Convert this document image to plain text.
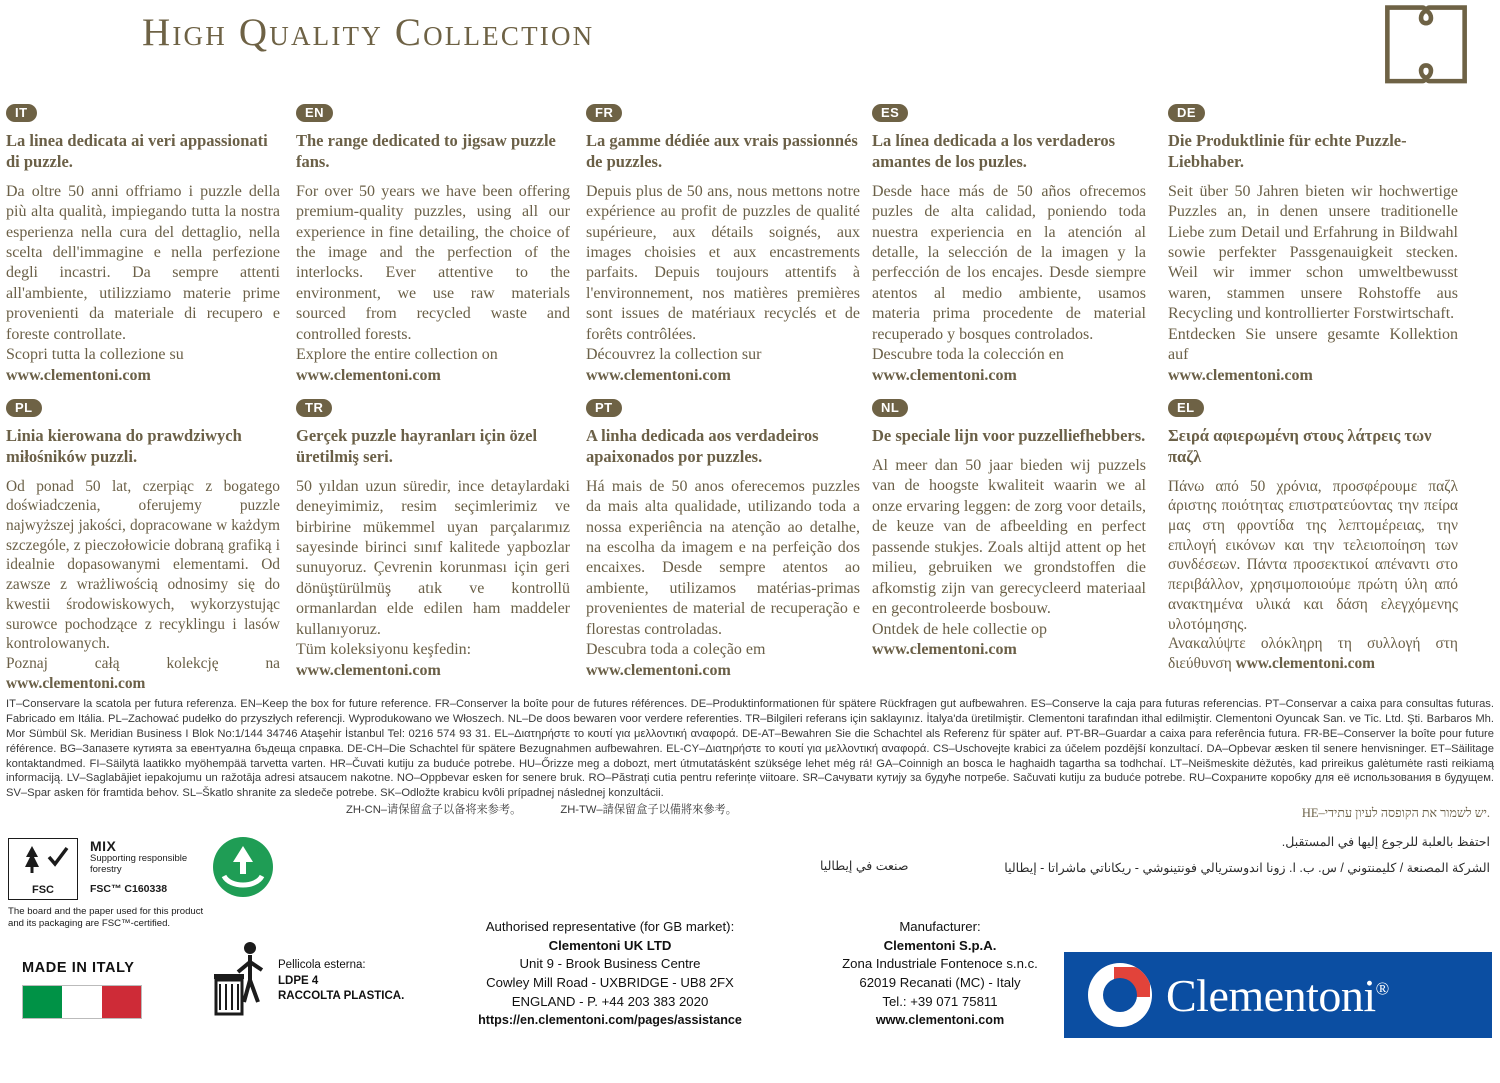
High Quality Collection
IT
La linea dedicata ai veri appassionati di puzzle.
Da oltre 50 anni offriamo i puzzle della più alta qualità, impiegando tutta la nostra esperienza nella cura del dettaglio, nella scelta dell'immagine e nella perfezione degli incastri. Da sempre attenti all'ambiente, utilizziamo materie prime provenienti da materiale di recupero e foreste controllate.
Scopri tutta la collezione su
www.clementoni.com
EN
The range dedicated to jigsaw puzzle fans.
For over 50 years we have been offering premium-quality puzzles, using all our experience in fine detailing, the choice of the image and the perfection of the interlocks. Ever attentive to the environment, we use raw materials sourced from recycled waste and controlled forests.
Explore the entire collection on
www.clementoni.com
FR
La gamme dédiée aux vrais passionnés de puzzles.
Depuis plus de 50 ans, nous mettons notre expérience au profit de puzzles de qualité supérieure, aux détails soignés, aux images choisies et aux encastrements parfaits. Depuis toujours attentifs à l'environnement, nos matières premières sont issues de matériaux recyclés et de forêts contrôlées.
Découvrez la collection sur
www.clementoni.com
ES
La línea dedicada a los verdaderos amantes de los puzles.
Desde hace más de 50 años ofrecemos puzles de alta calidad, poniendo toda nuestra experiencia en la atención al detalle, la selección de la imagen y la perfección de los encajes. Desde siempre atentos al medio ambiente, usamos materia prima procedente de material recuperado y bosques controlados.
Descubre toda la colección en
www.clementoni.com
DE
Die Produktlinie für echte Puzzle-Liebhaber.
Seit über 50 Jahren bieten wir hochwertige Puzzles an, in denen unsere traditionelle Liebe zum Detail und Erfahrung in Bildwahl sowie perfekter Passgenauigkeit stecken. Weil wir immer schon umweltbewusst waren, stammen unsere Rohstoffe aus Recycling und kontrollierter Forstwirtschaft.
Entdecken Sie unsere gesamte Kollektion auf
www.clementoni.com
PL
Linia kierowana do prawdziwych miłośników puzzli.
Od ponad 50 lat, czerpiąc z bogatego doświadczenia, oferujemy puzzle najwyższej jakości, dopracowane w każdym szczególe, z pieczołowicie dobraną grafiką i idealnie dopasowanymi elementami. Od zawsze z wrażliwością odnosimy się do kwestii środowiskowych, wykorzystując surowce pochodzące z recyklingu i lasów kontrolowanych.
Poznaj całą kolekcję na www.clementoni.com
TR
Gerçek puzzle hayranları için özel üretilmiş seri.
50 yıldan uzun süredir, ince detaylardaki deneyimimiz, resim seçimlerimiz ve birbirine mükemmel uyan parçalarımız sayesinde birinci sınıf kalitede yapbozlar sunuyoruz. Çevrenin korunması için geri dönüştürülmüş atık ve kontrollü ormanlardan elde edilen ham maddeler kullanıyoruz.
Tüm koleksiyonu keşfedin:
www.clementoni.com
PT
A linha dedicada aos verdadeiros apaixonados por puzzles.
Há mais de 50 anos oferecemos puzzles da mais alta qualidade, utilizando toda a nossa experiência na atenção ao detalhe, na escolha da imagem e na perfeição dos encaixes. Desde sempre atentos ao ambiente, utilizamos matérias-primas provenientes de material de recuperação e florestas controladas.
Descubra toda a coleção em
www.clementoni.com
NL
De speciale lijn voor puzzelliefhebbers.
Al meer dan 50 jaar bieden wij puzzels van de hoogste kwaliteit waarin we al onze ervaring leggen: de zorg voor details, de keuze van de afbeelding en perfect passende stukjes. Zoals altijd attent op het milieu, gebruiken we grondstoffen die afkomstig zijn van gerecycleerd materiaal en gecontroleerde bosbouw.
Ontdek de hele collectie op
www.clementoni.com
EL
Σειρά αφιερωμένη στους λάτρεις των παζλ
Πάνω από 50 χρόνια, προσφέρουμε παζλ άριστης ποιότητας επιστρατεύοντας την πείρα μας στη φροντίδα της λεπτομέρειας, την επιλογή εικόνων και την τελειοποίηση των συνδέσεων. Πάντα προσεκτικοί απέναντι στο περιβάλλον, χρησιμοποιούμε πρώτη ύλη από ανακτημένα υλικά και δάση ελεγχόμενης υλοτόμησης.
Ανακαλύψτε ολόκληρη τη συλλογή στη διεύθυνση www.clementoni.com
IT–Conservare la scatola per futura referenza. EN–Keep the box for future reference. FR–Conserver la boîte pour de futures références. DE–Produktinformationen für spätere Rückfragen gut aufbewahren. ES–Conserve la caja para futuras referencias. PT–Conservar a caixa para consultas futuras. Fabricado em Itália. PL–Zachować pudełko do przyszłych referencji. Wyprodukowano we Włoszech. NL–De doos bewaren voor verdere referenties. TR–Bilgileri referans için saklayınız. İtalya'da üretilmiştir. Clementoni tarafından ithal edilmiştir. Clementoni Oyuncak San. ve Tic. Ltd. Şti. Barbaros Mh. Mor Sümbül Sk. Meridian Business I Blok No:1/144 34746 Ataşehir İstanbul Tel: 0216 574 93 31. EL–Διατηρήστε το κουτί για μελλοντική αναφορά. DE-AT–Bewahren Sie die Schachtel als Referenz für später auf. PT-BR–Guardar a caixa para referência futura. FR-BE–Conserver la boîte pour future référence. BG–Запазете кутията за евентуална бъдеща справка. DE-CH–Die Schachtel für spätere Bezugnahmen aufbewahren. EL-CY–Διατηρήστε το κουτί για μελλοντική αναφορά. CS–Uschovejte krabici za účelem pozdější konzultací. DA–Opbevar æsken til senere henvisninger. ET–Säilitage kontaktandmed. FI–Säilytä laatikko myöhempää tarvetta varten. HR–Čuvati kutiju za buduće potrebe. HU–Őrizze meg a dobozt, mert útmutatásként szüksége lehet még rá! GA–Coinnigh an bosca le haghaidh tagartha sa todhchaí. LT–Neišmeskite dėžutės, kad prireikus galėtumėte rasti reikiamą informaciją. LV–Saglabājiet iepakojumu un ražotāja adresi atsaucem nakotne. NO–Oppbevar esken for senere bruk. RO–Păstrați cutia pentru referințe viitoare. SR–Сачувати кутију за будуће потребе. Sačuvati kutiju za buduće potrebe. RU–Сохраните коробку для её использования в будущем. SV–Spar asken för framtida behov. SL–Škatlo shranite za sledeče potrebe. SK–Odložte krabicu kvôli prípadnej následnej konzultácii.
ZH-CN–请保留盒子以备将来参考。	ZH-TW–請保留盒子以備將來參考。	HE–יש לשמור את הקופסה לעיון עתידי.
احتفظ بالعلبة للرجوع إليها في المستقبل.
الشركة المصنعة / كليمنتوني / س. ب. ا. زونا اندوستريالي فونتينوشي - ريكاناتي ماشراتا - إيطاليا
صنعت في إيطاليا
FSC

MIX
Supporting responsible forestry
FSC™ C160338
The board and the paper used for this product and its packaging are FSC™-certified.
MADE IN ITALY
®
Pellicola esterna:
LDPE 4
RACCOLTA PLASTICA.
Authorised representative (for GB market):
Clementoni UK LTD
Unit 9 - Brook Business Centre
Cowley Mill Road - UXBRIDGE - UB8 2FX
ENGLAND - P. +44 203 383 2020
https://en.clementoni.com/pages/assistance
Manufacturer:
Clementoni S.p.A.
Zona Industriale Fontenoce s.n.c.
62019 Recanati (MC) - Italy
Tel.: +39 071 75811
www.clementoni.com	Clementoni®
